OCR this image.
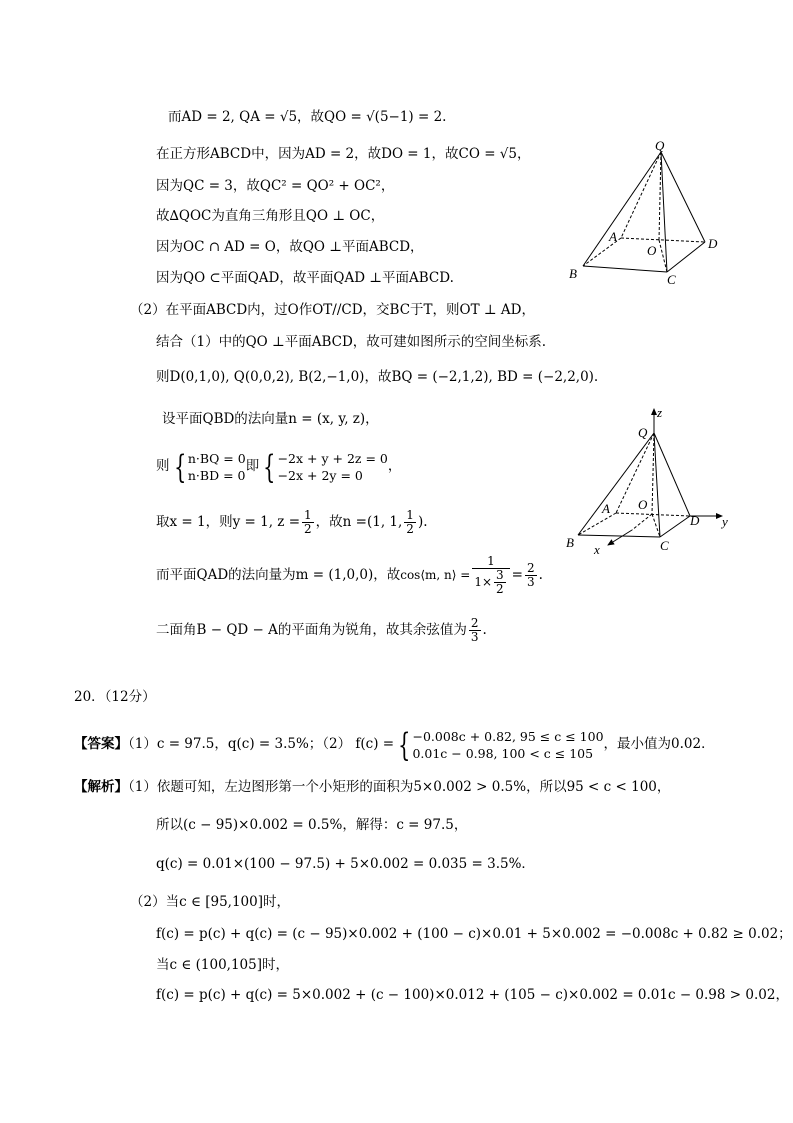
而AD = 2, QA = √5，故QO = √(5−1) = 2.
在正方形ABCD中，因为AD = 2，故DO = 1，故CO = √5，
因为QC = 3，故QC² = QO² + OC²，
故∆QOC为直角三角形且QO ⊥ OC，
因为OC ∩ AD = O，故QO ⊥平面ABCD，
因为QO ⊂平面QAD，故平面QAD ⊥平面ABCD.
Q
A
O	D
B	C
（2）在平面ABCD内，过O作OT//CD，交BC于T，则OT ⊥ AD，
结合（1）中的QO ⊥平面ABCD，故可建如图所示的空间坐标系.
则D(0,1,0), Q(0,0,2), B(2,−1,0)，故BQ = (−2,1,2), BD = (−2,2,0).
设平面QBD的法向量n = (x, y, z)，
则 { n·BQ = 0
n·BD = 0
即 { −2x + y + 2z = 0
−2x + 2y = 0
，
取x = 1，则y = 1, $z = \frac{1}{2}$ ，故n =(1, 1, $\frac{1}{2}$ ).
而平面QAD的法向量为m = (1,0,0)，故cos⟨m, n⟩ = $\frac{1}{1\times \frac{3}{2}} = \frac{2}{3}$ .
二面角B − QD − A的平面角为锐角，故其余弦值为 $\frac{2}{3}$ .
z
Q
A O
D y
B	C
x
20．（12分）
【答案】（1）c = 97.5，q(c) = 3.5%；（2） f(c) = { −0.008c + 0.82, 95 ≤ c ≤ 100
0.01c − 0.98, 100 < c ≤ 105
，最小值为0.02．
【解析】（1）依题可知，左边图形第一个小矩形的面积为5×0.002 > 0.5%，所以95 < c < 100，
所以(c − 95)×0.002 = 0.5%，解得：c = 97.5，
q(c) = 0.01×(100 − 97.5) + 5×0.002 = 0.035 = 3.5%．
（2）当c ∈ [95,100]时，
f(c) = p(c) + q(c) = (c − 95)×0.002 + (100 − c)×0.01 + 5×0.002 = −0.008c + 0.82 ≥ 0.02；
当c ∈ (100,105]时，
f(c) = p(c) + q(c) = 5×0.002 + (c − 100)×0.012 + (105 − c)×0.002 = 0.01c − 0.98 > 0.02，
